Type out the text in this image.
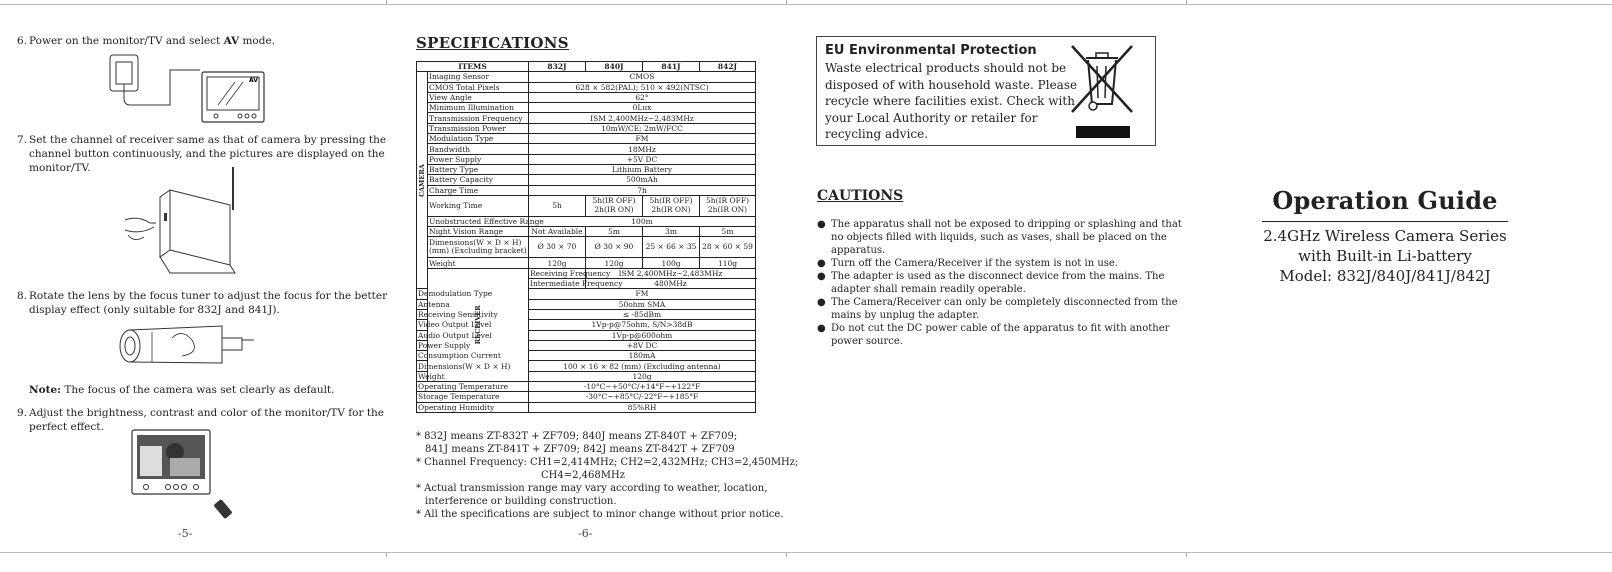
6. Power on the monitor/TV and select AV mode.
AV
7. Set the channel of receiver same as that of camera by pressing the
channel button continuously, and the pictures are displayed on the
monitor/TV.
8. Rotate the lens by the focus tuner to adjust the focus for the better
display effect (only suitable for 832J and 841J).
Note: The focus of the camera was set clearly as default.
9. Adjust the brightness, contrast and color of the monitor/TV for the
perfect effect.
-5-
SPECIFICATIONS
ITEMS		832J	840J	841J	842J
CAMERA	Imaging Sensor	CMOS			
	CMOS Total Pixels	628 × 582(PAL); 510 × 492(NTSC)			
	View Angle	62°			
	Minimum Illumination	0Lux			
	Transmission Frequency	ISM 2,400MHz~2,483MHz			
	Transmission Power	10mW/CE; 2mW/FCC			
	Modulation Type	FM			
	Bandwidth	18MHz			
	Power Supply	+5V DC			
	Battery Type	Lithium Battery			
	Battery Capacity	500mAh			
	Charge Time	7h			
	Working Time	5h	5h(IR OFF) 2h(IR ON)	5h(IR OFF) 2h(IR ON)	5h(IR OFF) 2h(IR ON)
	Unobstructed Effective Range	100m			
	Night Vision Range	Not Available	5m	3m	5m
	Dimensions(W × D × H) (mm) (Excluding bracket)	Ø 30 × 70	Ø 30 × 90	25 × 66 × 35	28 × 60 × 59
	Weight	120g	120g	100g	110g
	RECEIVER	Receiving Frequency	ISM 2,400MHz~2,483MHz		
		Intermediate Frequency	480MHz		
Demodulation Type		FM			
Antenna		50ohm SMA			
Receiving Sensitivity		≤ -85dBm			
Video Output Level		1Vp-p@75ohm, S/N>38dB			
Audio Output Level		1Vp-p@600ohm			
Power Supply		+8V DC			
Consumption Current		180mA			
Dimensions(W × D × H)		100 × 16 × 82 (mm) (Excluding antenna)			
Weight		120g			
Operating Temperature		-10°C~+50°C/+14°F~+122°F			
Storage Temperature		-30°C~+85°C/-22°F~+185°F			
Operating Humidity		85%RH			
* 832J means ZT-832T + ZF709; 840J means ZT-840T + ZF709;
841J means ZT-841T + ZF709; 842J means ZT-842T + ZF709
* Channel Frequency: CH1=2,414MHz; CH2=2,432MHz; CH3=2,450MHz;
CH4=2,468MHz
* Actual transmission range may vary according to weather, location,
interference or building construction.
* All the specifications are subject to minor change without prior notice.
-6-
EU Environmental Protection
Waste electrical products should not be
disposed of with household waste. Please
recycle where facilities exist. Check with
your Local Authority or retailer for
recycling advice.
CAUTIONS
● The apparatus shall not be exposed to dripping or splashing and that
no objects filled with liquids, such as vases, shall be placed on the
apparatus.
● Turn off the Camera/Receiver if the system is not in use.
● The adapter is used as the disconnect device from the mains. The
adapter shall remain readily operable.
● The Camera/Receiver can only be completely disconnected from the
mains by unplug the adapter.
● Do not cut the DC power cable of the apparatus to fit with another
power source.
Operation Guide
2.4GHz Wireless Camera Series
with Built-in Li-battery
Model: 832J/840J/841J/842J
